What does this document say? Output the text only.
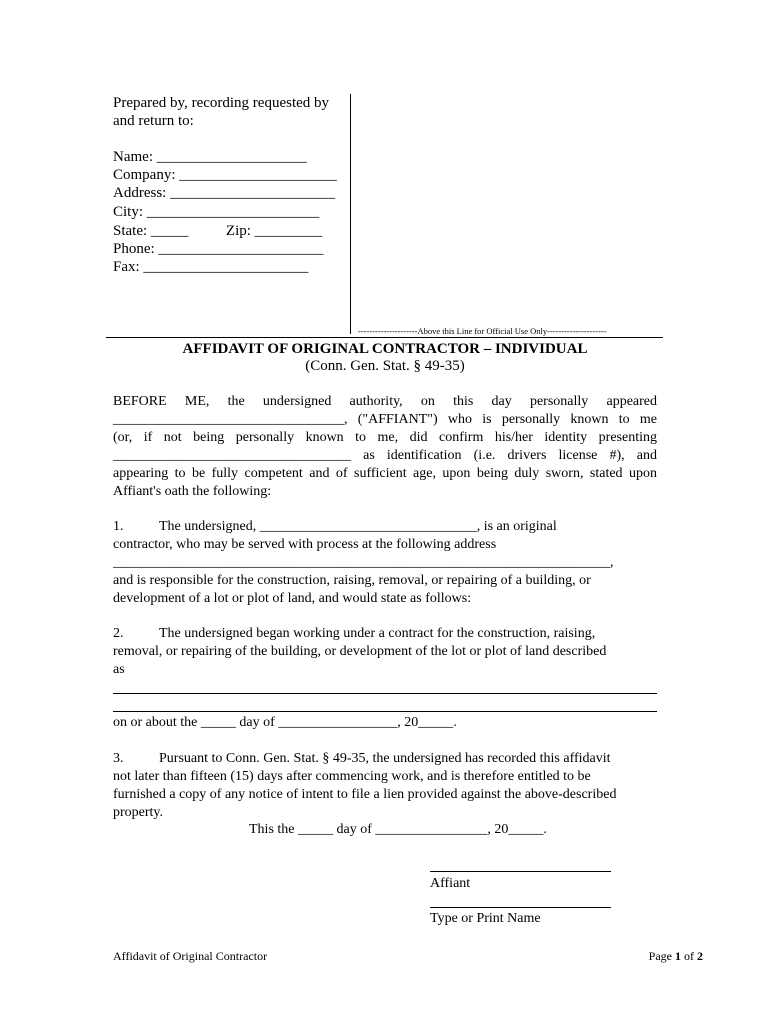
Prepared by, recording requested by
and return to:
Name: ____________________
Company: _____________________
Address: ______________________
City: _______________________
State: _____          Zip: _________
Phone: ______________________
Fax: ______________________
---------------------Above this Line for Official Use Only---------------------
AFFIDAVIT OF ORIGINAL CONTRACTOR – INDIVIDUAL
(Conn. Gen. Stat. § 49-35)
BEFORE ME, the undersigned authority, on this day personally appeared
_________________________________, ("AFFIANT") who is personally known to me
(or, if not being personally known to me, did confirm his/her identity presenting
__________________________________ as identification (i.e. drivers license #), and
appearing to be fully competent and of sufficient age, upon being duly sworn, stated upon
Affiant's oath the following:
1.	The undersigned, _______________________________, is an original
contractor, who may be served with process at the following address
_______________________________________________________________________,
and is responsible for the construction, raising, removal, or repairing of a building, or
development of a lot or plot of land, and would state as follows:
2.	The undersigned began working under a contract for the construction, raising,
removal, or repairing of the building, or development of the lot or plot of land described
as
on or about the _____ day of _________________, 20_____.
3.	Pursuant to Conn. Gen. Stat. § 49-35, the undersigned has recorded this affidavit
not later than fifteen (15) days after commencing work, and is therefore entitled to be
furnished a copy of any notice of intent to file a lien provided against the above-described
property.
This the _____ day of ________________, 20_____.
Affiant
Type or Print Name
Affidavit of Original Contractor	Page 1 of 2
